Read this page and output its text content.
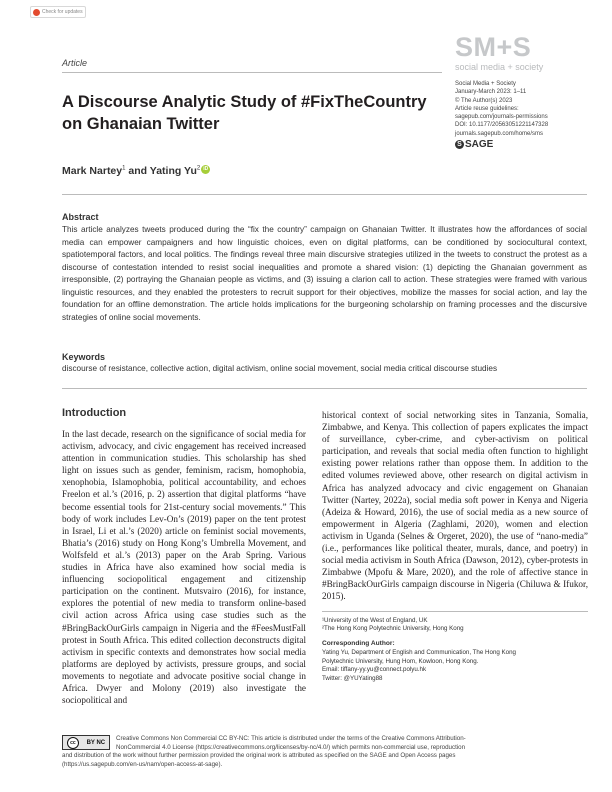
Check for updates
SM+S
social media + society
Article
A Discourse Analytic Study of #FixTheCountry on Ghanaian Twitter
Social Media + Society
January-March 2023: 1–11
© The Author(s) 2023
Article reuse guidelines:
sagepub.com/journals-permissions
DOI: 10.1177/20563051221147328
journals.sagepub.com/home/sms
S SAGE
Mark Nartey$^1$ and Yating Yu$^2$ iD
Abstract
This article analyzes tweets produced during the “fix the country” campaign on Ghanaian Twitter. It illustrates how the affordances of social media can empower campaigners and how linguistic choices, even on digital platforms, can be conditioned by sociocultural context, spatiotemporal factors, and local politics. The findings reveal three main discursive strategies utilized in the tweets to construct the protest as a discourse of contestation intended to resist social inequalities and promote a shared vision: (1) depicting the Ghanaian government as irresponsible, (2) portraying the Ghanaian people as victims, and (3) issuing a clarion call to action. These strategies were framed with various linguistic resources, and they enabled the protesters to recruit support for their objectives, mobilize the masses for social action, and lay the foundation for an offline demonstration. The article holds implications for the burgeoning scholarship on framing processes and the discursive strategies of online social movements.
Keywords
discourse of resistance, collective action, digital activism, online social movement, social media critical discourse studies
Introduction
In the last decade, research on the significance of social media for activism, advocacy, and civic engagement has received increased attention in communication studies. This scholarship has shed light on issues such as gender, feminism, racism, homophobia, xenophobia, Islamophobia, political accountability, and echoes Freelon et al.’s (2016, p. 2) assertion that digital platforms “have become essential tools for 21st-century social movements.” This body of work includes Lev-On’s (2019) paper on the tent protest in Israel, Li et al.’s (2020) article on feminist social movements, Bhatia’s (2016) study on Hong Kong’s Umbrella Movement, and Wolfsfeld et al.’s (2013) paper on the Arab Spring. Various studies in Africa have also examined how social media is influencing sociopolitical engagement and citizenship participation on the continent. Mutsvairo (2016), for instance, explores the potential of new media to transform online-based civil action across Africa using case studies such as the #BringBackOurGirls campaign in Nigeria and the #FeesMustFall protest in South Africa. This edited collection deconstructs digital activism in specific contexts and demonstrates how social media platforms are deployed by activists, pressure groups, and social movements to negotiate and advocate positive social change in Africa. Dwyer and Molony (2019) also investigate the sociopolitical and
historical context of social networking sites in Tanzania, Somalia, Zimbabwe, and Kenya. This collection of papers explicates the impact of surveillance, cyber-crime, and cyber-activism on political participation, and reveals that social media often function to highlight existing power relations rather than oppose them. In addition to the edited volumes reviewed above, other research on digital activism in Africa has analyzed advocacy and civic engagement on Ghanaian Twitter (Nartey, 2022a), social media soft power in Kenya and Nigeria (Adeiza & Howard, 2016), the use of social media as a new source of empowerment in Algeria (Zaghlami, 2020), women and election activism in Uganda (Selnes & Orgeret, 2020), the use of “nano-media” (i.e., performances like political theater, murals, dance, and poetry) in social media activism in South Africa (Dawson, 2012), cyber-protests in Zimbabwe (Mpofu & Mare, 2020), and the role of affective stance in #BringBackOurGirls campaign discourse in Nigeria (Chiluwa & Ifukor, 2015).
¹University of the West of England, UK
²The Hong Kong Polytechnic University, Hong Kong
Corresponding Author:
Yating Yu, Department of English and Communication, The Hong Kong
Polytechnic University, Hung Hom, Kowloon, Hong Kong.
Email: tiffany-yy.yu@connect.polyu.hk
Twitter: @YUYating88
cc	BY NC
Creative Commons Non Commercial CC BY-NC: This article is distributed under the terms of the Creative Commons Attribution-
NonCommercial 4.0 License (https://creativecommons.org/licenses/by-nc/4.0/) which permits non-commercial use, reproduction
and distribution of the work without further permission provided the original work is attributed as specified on the SAGE and Open Access pages
(https://us.sagepub.com/en-us/nam/open-access-at-sage).
